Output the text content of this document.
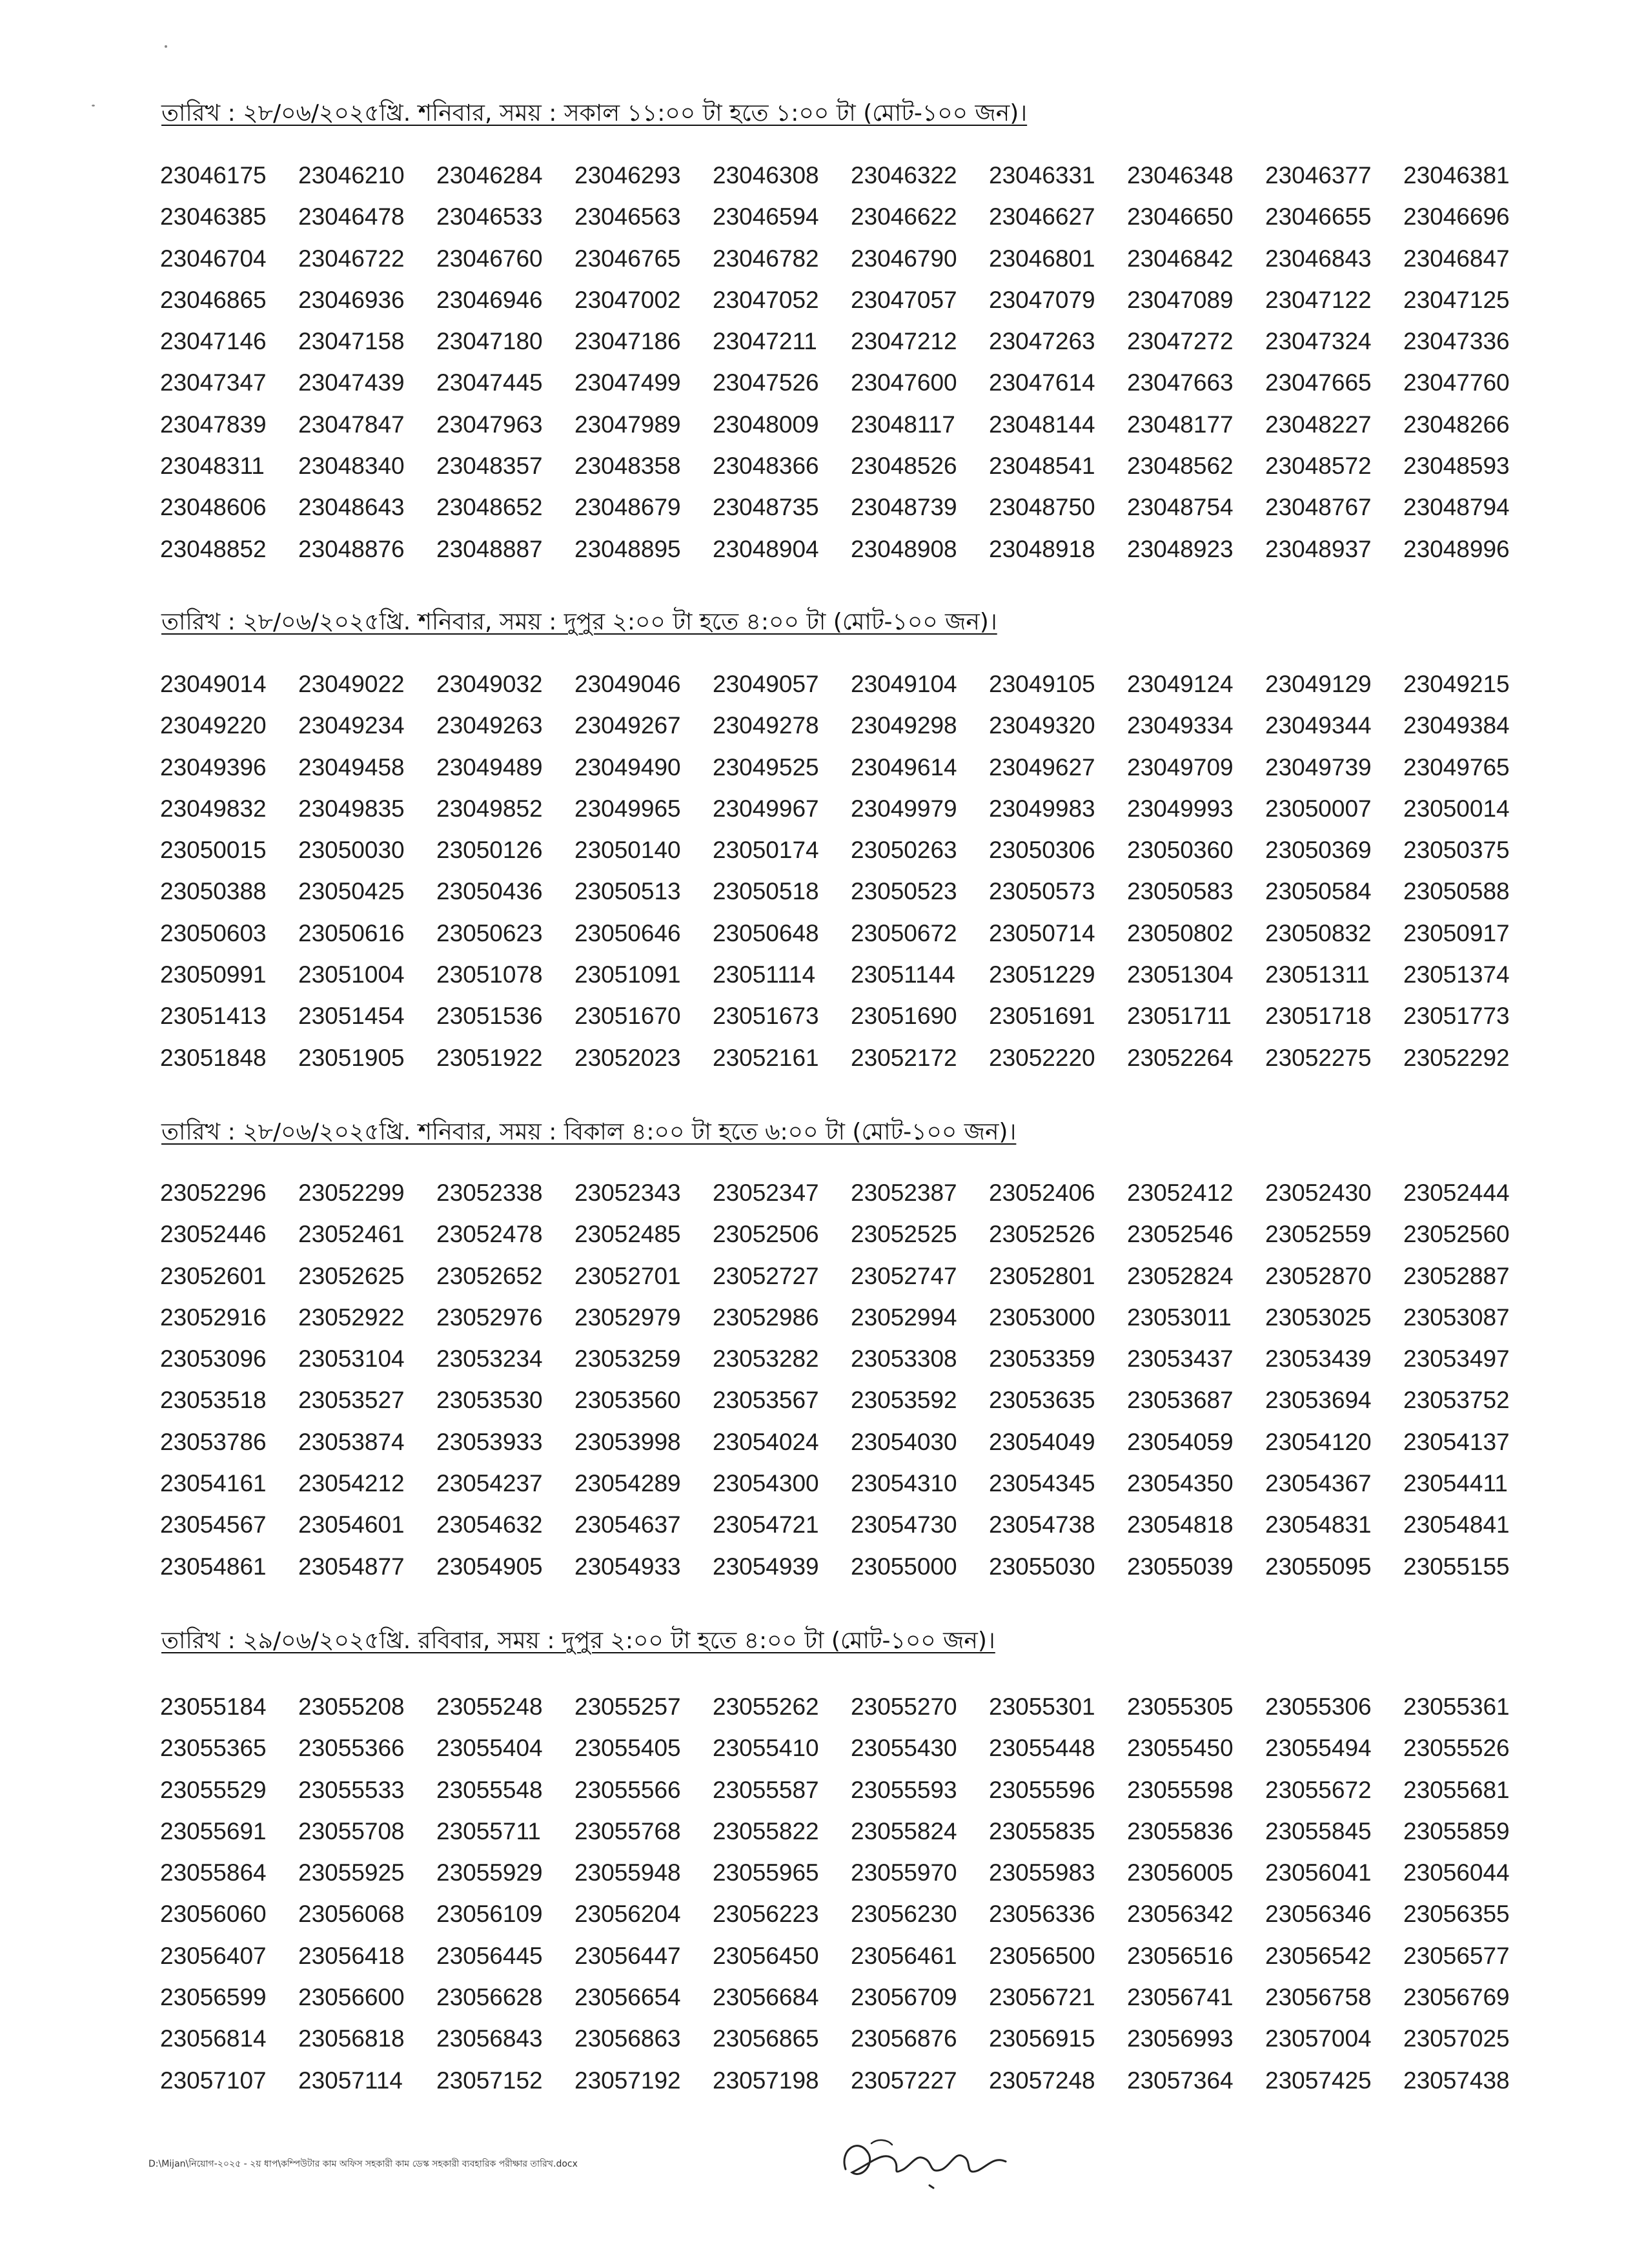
তারিখ : ২৮/০৬/২০২৫খ্রি. শনিবার, সময় : সকাল ১১:০০ টা হতে ১:০০ টা (মোট-১০০ জন)।
23046175	23046210	23046284	23046293	23046308	23046322	23046331	23046348	23046377	23046381
23046385	23046478	23046533	23046563	23046594	23046622	23046627	23046650	23046655	23046696
23046704	23046722	23046760	23046765	23046782	23046790	23046801	23046842	23046843	23046847
23046865	23046936	23046946	23047002	23047052	23047057	23047079	23047089	23047122	23047125
23047146	23047158	23047180	23047186	23047211	23047212	23047263	23047272	23047324	23047336
23047347	23047439	23047445	23047499	23047526	23047600	23047614	23047663	23047665	23047760
23047839	23047847	23047963	23047989	23048009	23048117	23048144	23048177	23048227	23048266
23048311	23048340	23048357	23048358	23048366	23048526	23048541	23048562	23048572	23048593
23048606	23048643	23048652	23048679	23048735	23048739	23048750	23048754	23048767	23048794
23048852	23048876	23048887	23048895	23048904	23048908	23048918	23048923	23048937	23048996
তারিখ : ২৮/০৬/২০২৫খ্রি. শনিবার, সময় : দুপুর ২:০০ টা হতে ৪:০০ টা (মোট-১০০ জন)।
23049014	23049022	23049032	23049046	23049057	23049104	23049105	23049124	23049129	23049215
23049220	23049234	23049263	23049267	23049278	23049298	23049320	23049334	23049344	23049384
23049396	23049458	23049489	23049490	23049525	23049614	23049627	23049709	23049739	23049765
23049832	23049835	23049852	23049965	23049967	23049979	23049983	23049993	23050007	23050014
23050015	23050030	23050126	23050140	23050174	23050263	23050306	23050360	23050369	23050375
23050388	23050425	23050436	23050513	23050518	23050523	23050573	23050583	23050584	23050588
23050603	23050616	23050623	23050646	23050648	23050672	23050714	23050802	23050832	23050917
23050991	23051004	23051078	23051091	23051114	23051144	23051229	23051304	23051311	23051374
23051413	23051454	23051536	23051670	23051673	23051690	23051691	23051711	23051718	23051773
23051848	23051905	23051922	23052023	23052161	23052172	23052220	23052264	23052275	23052292
তারিখ : ২৮/০৬/২০২৫খ্রি. শনিবার, সময় : বিকাল ৪:০০ টা হতে ৬:০০ টা (মোট-১০০ জন)।
23052296	23052299	23052338	23052343	23052347	23052387	23052406	23052412	23052430	23052444
23052446	23052461	23052478	23052485	23052506	23052525	23052526	23052546	23052559	23052560
23052601	23052625	23052652	23052701	23052727	23052747	23052801	23052824	23052870	23052887
23052916	23052922	23052976	23052979	23052986	23052994	23053000	23053011	23053025	23053087
23053096	23053104	23053234	23053259	23053282	23053308	23053359	23053437	23053439	23053497
23053518	23053527	23053530	23053560	23053567	23053592	23053635	23053687	23053694	23053752
23053786	23053874	23053933	23053998	23054024	23054030	23054049	23054059	23054120	23054137
23054161	23054212	23054237	23054289	23054300	23054310	23054345	23054350	23054367	23054411
23054567	23054601	23054632	23054637	23054721	23054730	23054738	23054818	23054831	23054841
23054861	23054877	23054905	23054933	23054939	23055000	23055030	23055039	23055095	23055155
তারিখ : ২৯/০৬/২০২৫খ্রি. রবিবার, সময় : দুপুর ২:০০ টা হতে ৪:০০ টা (মোট-১০০ জন)।
23055184	23055208	23055248	23055257	23055262	23055270	23055301	23055305	23055306	23055361
23055365	23055366	23055404	23055405	23055410	23055430	23055448	23055450	23055494	23055526
23055529	23055533	23055548	23055566	23055587	23055593	23055596	23055598	23055672	23055681
23055691	23055708	23055711	23055768	23055822	23055824	23055835	23055836	23055845	23055859
23055864	23055925	23055929	23055948	23055965	23055970	23055983	23056005	23056041	23056044
23056060	23056068	23056109	23056204	23056223	23056230	23056336	23056342	23056346	23056355
23056407	23056418	23056445	23056447	23056450	23056461	23056500	23056516	23056542	23056577
23056599	23056600	23056628	23056654	23056684	23056709	23056721	23056741	23056758	23056769
23056814	23056818	23056843	23056863	23056865	23056876	23056915	23056993	23057004	23057025
23057107	23057114	23057152	23057192	23057198	23057227	23057248	23057364	23057425	23057438
D:\Mijan\নিয়োগ-২০২৫ - ২য় ধাপ\কম্পিউটার কাম অফিস সহকারী কাম ডেস্ক সহকারী ব্যবহারিক পরীক্ষার তারিখ.docx
